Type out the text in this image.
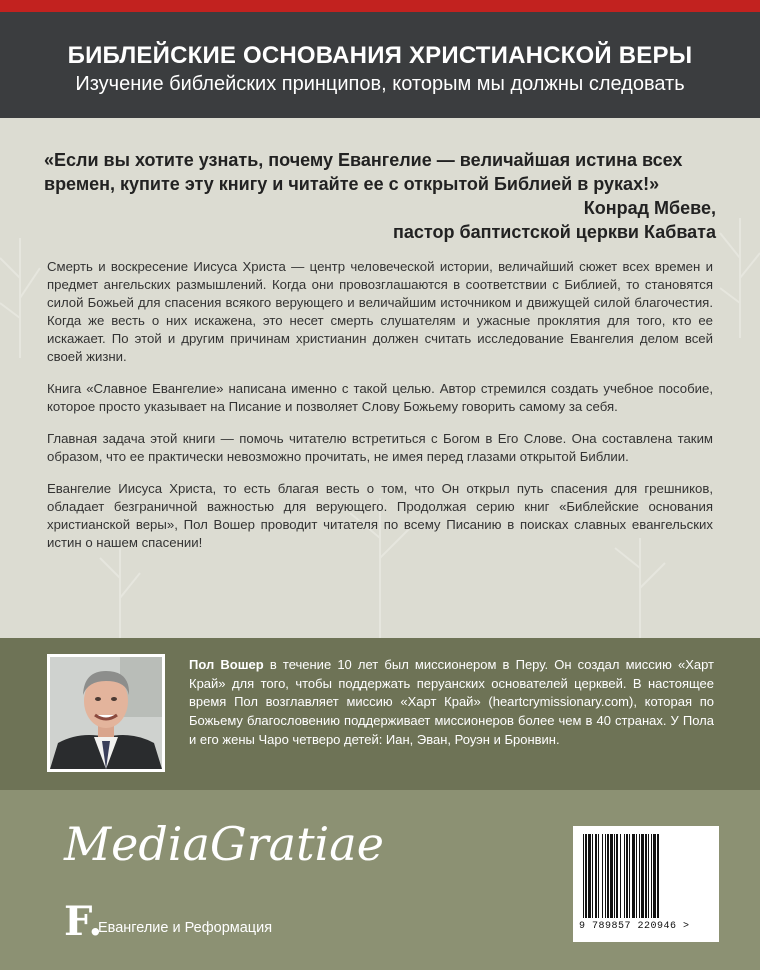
БИБЛЕЙСКИЕ ОСНОВАНИЯ ХРИСТИАНСКОЙ ВЕРЫ
Изучение библейских принципов, которым мы должны следовать
«Если вы хотите узнать, почему Евангелие — величайшая истина всех времен, купите эту книгу и читайте ее с открытой Библией в руках!»
Конрад Мбеве,
пастор баптистской церкви Кабвата

Смерть и воскресение Иисуса Христа — центр человеческой истории, величайший сюжет всех времен и предмет ангельских размышлений. Когда они провозглашаются в соответствии с Библией, то становятся силой Божьей для спасения всякого верующего и величайшим источником и движущей силой благочестия. Когда же весть о них искажена, это несет смерть слушателям и ужасные проклятия для того, кто ее искажает. По этой и другим причинам христианин должен считать исследование Евангелия делом всей своей жизни.

Книга «Славное Евангелие» написана именно с такой целью. Автор стремился создать учебное пособие, которое просто указывает на Писание и позволяет Слову Божьему говорить самому за себя.

Главная задача этой книги — помочь читателю встретиться с Богом в Его Слове. Она составлена таким образом, что ее практически невозможно прочитать, не имея перед глазами открытой Библии.

Евангелие Иисуса Христа, то есть благая весть о том, что Он открыл путь спасения для грешников, обладает безграничной важностью для верующего. Продолжая серию книг «Библейские основания христианской веры», Пол Вошер проводит читателя по всему Писанию в поисках славных евангельских истин о нашем спасении!

Пол Вошер в течение 10 лет был миссионером в Перу. Он создал миссию «Харт Край» для того, чтобы поддержать перуанских основателей церквей. В настоящее время Пол возглавляет миссию «Харт Край» (heartcrymissionary.com), которая по Божьему благословению поддерживает миссионеров более чем в 40 странах. У Пола и его жены Чаро четверо детей: Иан, Эван, Роуэн и Бронвин.
MediaGratiae
F.
Евангелие и Реформация	9 789857 220946 >
